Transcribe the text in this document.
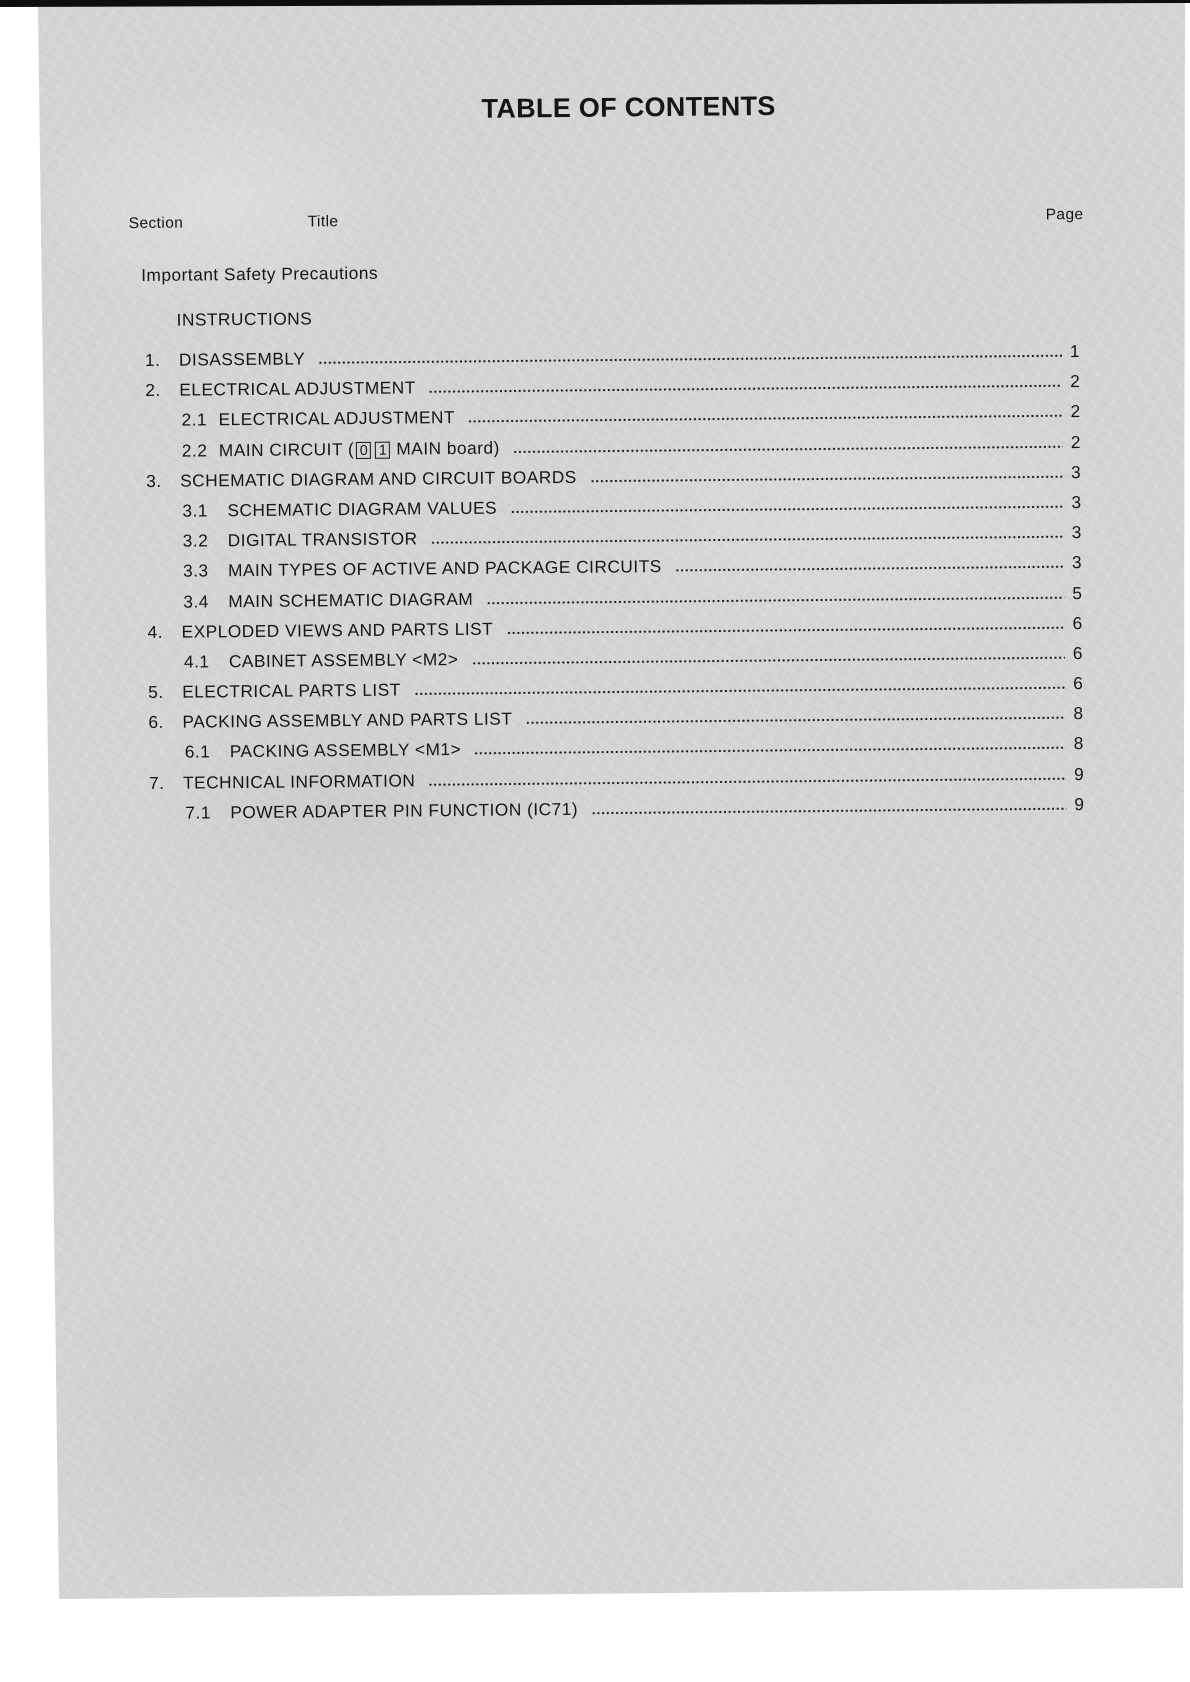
TABLE OF CONTENTS
Section	Title	Page
Important Safety Precautions
INSTRUCTIONS
1. DISASSEMBLY	1
2. ELECTRICAL ADJUSTMENT	2
2.1 ELECTRICAL ADJUSTMENT	2
2.2 MAIN CIRCUIT ( 0 1 MAIN board)	2
3. SCHEMATIC DIAGRAM AND CIRCUIT BOARDS	3
3.1 SCHEMATIC DIAGRAM VALUES	3
3.2 DIGITAL TRANSISTOR	3
3.3 MAIN TYPES OF ACTIVE AND PACKAGE CIRCUITS	3
3.4 MAIN SCHEMATIC DIAGRAM	5
4. EXPLODED VIEWS AND PARTS LIST	6
4.1 CABINET ASSEMBLY <M2>	6
5. ELECTRICAL PARTS LIST	6
6. PACKING ASSEMBLY AND PARTS LIST	8
6.1 PACKING ASSEMBLY <M1>	8
7. TECHNICAL INFORMATION	9
7.1 POWER ADAPTER PIN FUNCTION (IC71)	9
